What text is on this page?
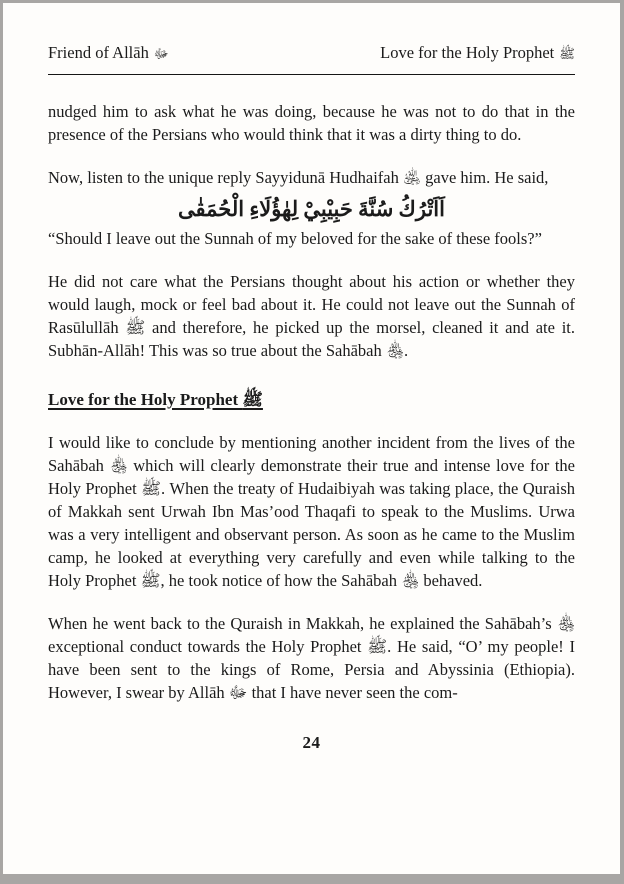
Friend of Allāh ﷻ	Love for the Holy Prophet ﷺ

nudged him to ask what he was doing, because he was not to do that in the presence of the Persians who would think that it was a dirty thing to do.

Now, listen to the unique reply Sayyidunā Hudhaifah ﵁ gave him. He said,

اَاَتْرُكُ سُنَّةَ حَبِيْبِيْ لِهٰؤُلَاءِ الْحُمَقٰى

“Should I leave out the Sunnah of my beloved for the sake of these fools?”

He did not care what the Persians thought about his action or whether they would laugh, mock or feel bad about it. He could not leave out the Sunnah of Rasūlullāh ﷺ and therefore, he picked up the morsel, cleaned it and ate it. Subhān-Allāh! This was so true about the Sahābah ﵃.

Love for the Holy Prophet ﷺ

I would like to conclude by mentioning another incident from the lives of the Sahābah ﵃ which will clearly demonstrate their true and intense love for the Holy Prophet ﷺ. When the treaty of Hudaibiyah was taking place, the Quraish of Makkah sent Urwah Ibn Mas’ood Thaqafi to speak to the Muslims. Urwa was a very intelligent and observant person. As soon as he came to the Muslim camp, he looked at everything very carefully and even while talking to the Holy Prophet ﷺ, he took notice of how the Sahābah ﵃ behaved.

When he went back to the Quraish in Makkah, he explained the Sahābah’s ﵃ exceptional conduct towards the Holy Prophet ﷺ. He said, “O’ my people! I have been sent to the kings of Rome, Persia and Abyssinia (Ethiopia). However, I swear by Allāh ﷻ that I have never seen the com-

24
